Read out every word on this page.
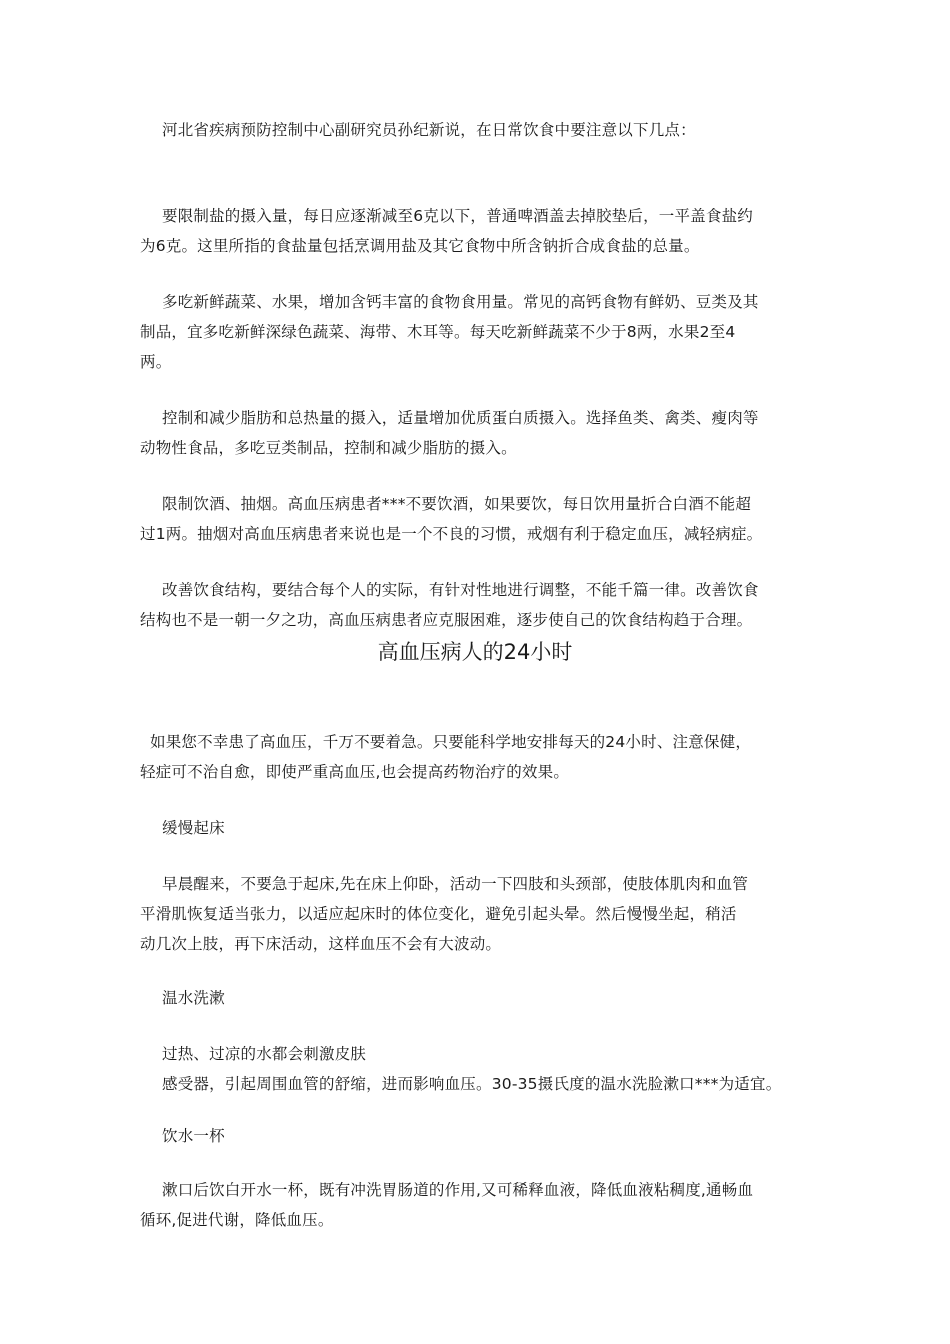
河北省疾病预防控制中心副研究员孙纪新说，在日常饮食中要注意以下几点：
要限制盐的摄入量，每日应逐渐减至6克以下，普通啤酒盖去掉胶垫后，一平盖食盐约
为6克。这里所指的食盐量包括烹调用盐及其它食物中所含钠折合成食盐的总量。
多吃新鲜蔬菜、水果，增加含钙丰富的食物食用量。常见的高钙食物有鲜奶、豆类及其
制品，宜多吃新鲜深绿色蔬菜、海带、木耳等。每天吃新鲜蔬菜不少于8两，水果2至4
两。
控制和减少脂肪和总热量的摄入，适量增加优质蛋白质摄入。选择鱼类、禽类、瘦肉等
动物性食品，多吃豆类制品，控制和减少脂肪的摄入。
限制饮酒、抽烟。高血压病患者***不要饮酒，如果要饮，每日饮用量折合白酒不能超
过1两。抽烟对高血压病患者来说也是一个不良的习惯，戒烟有利于稳定血压，减轻病症。
改善饮食结构，要结合每个人的实际，有针对性地进行调整，不能千篇一律。改善饮食
结构也不是一朝一夕之功，高血压病患者应克服困难，逐步使自己的饮食结构趋于合理。
高血压病人的24小时
如果您不幸患了高血压，千万不要着急。只要能科学地安排每天的24小时、注意保健，
轻症可不治自愈，即使严重高血压,也会提高药物治疗的效果。
缓慢起床
早晨醒来，不要急于起床,先在床上仰卧，活动一下四肢和头颈部，使肢体肌肉和血管
平滑肌恢复适当张力，以适应起床时的体位变化，避免引起头晕。然后慢慢坐起，稍活
动几次上肢，再下床活动，这样血压不会有大波动。
温水洗漱
过热、过凉的水都会刺激皮肤
感受器，引起周围血管的舒缩，进而影响血压。30-35摄氏度的温水洗脸漱口***为适宜。
饮水一杯
漱口后饮白开水一杯，既有冲洗胃肠道的作用,又可稀释血液，降低血液粘稠度,通畅血
循环,促进代谢，降低血压。
